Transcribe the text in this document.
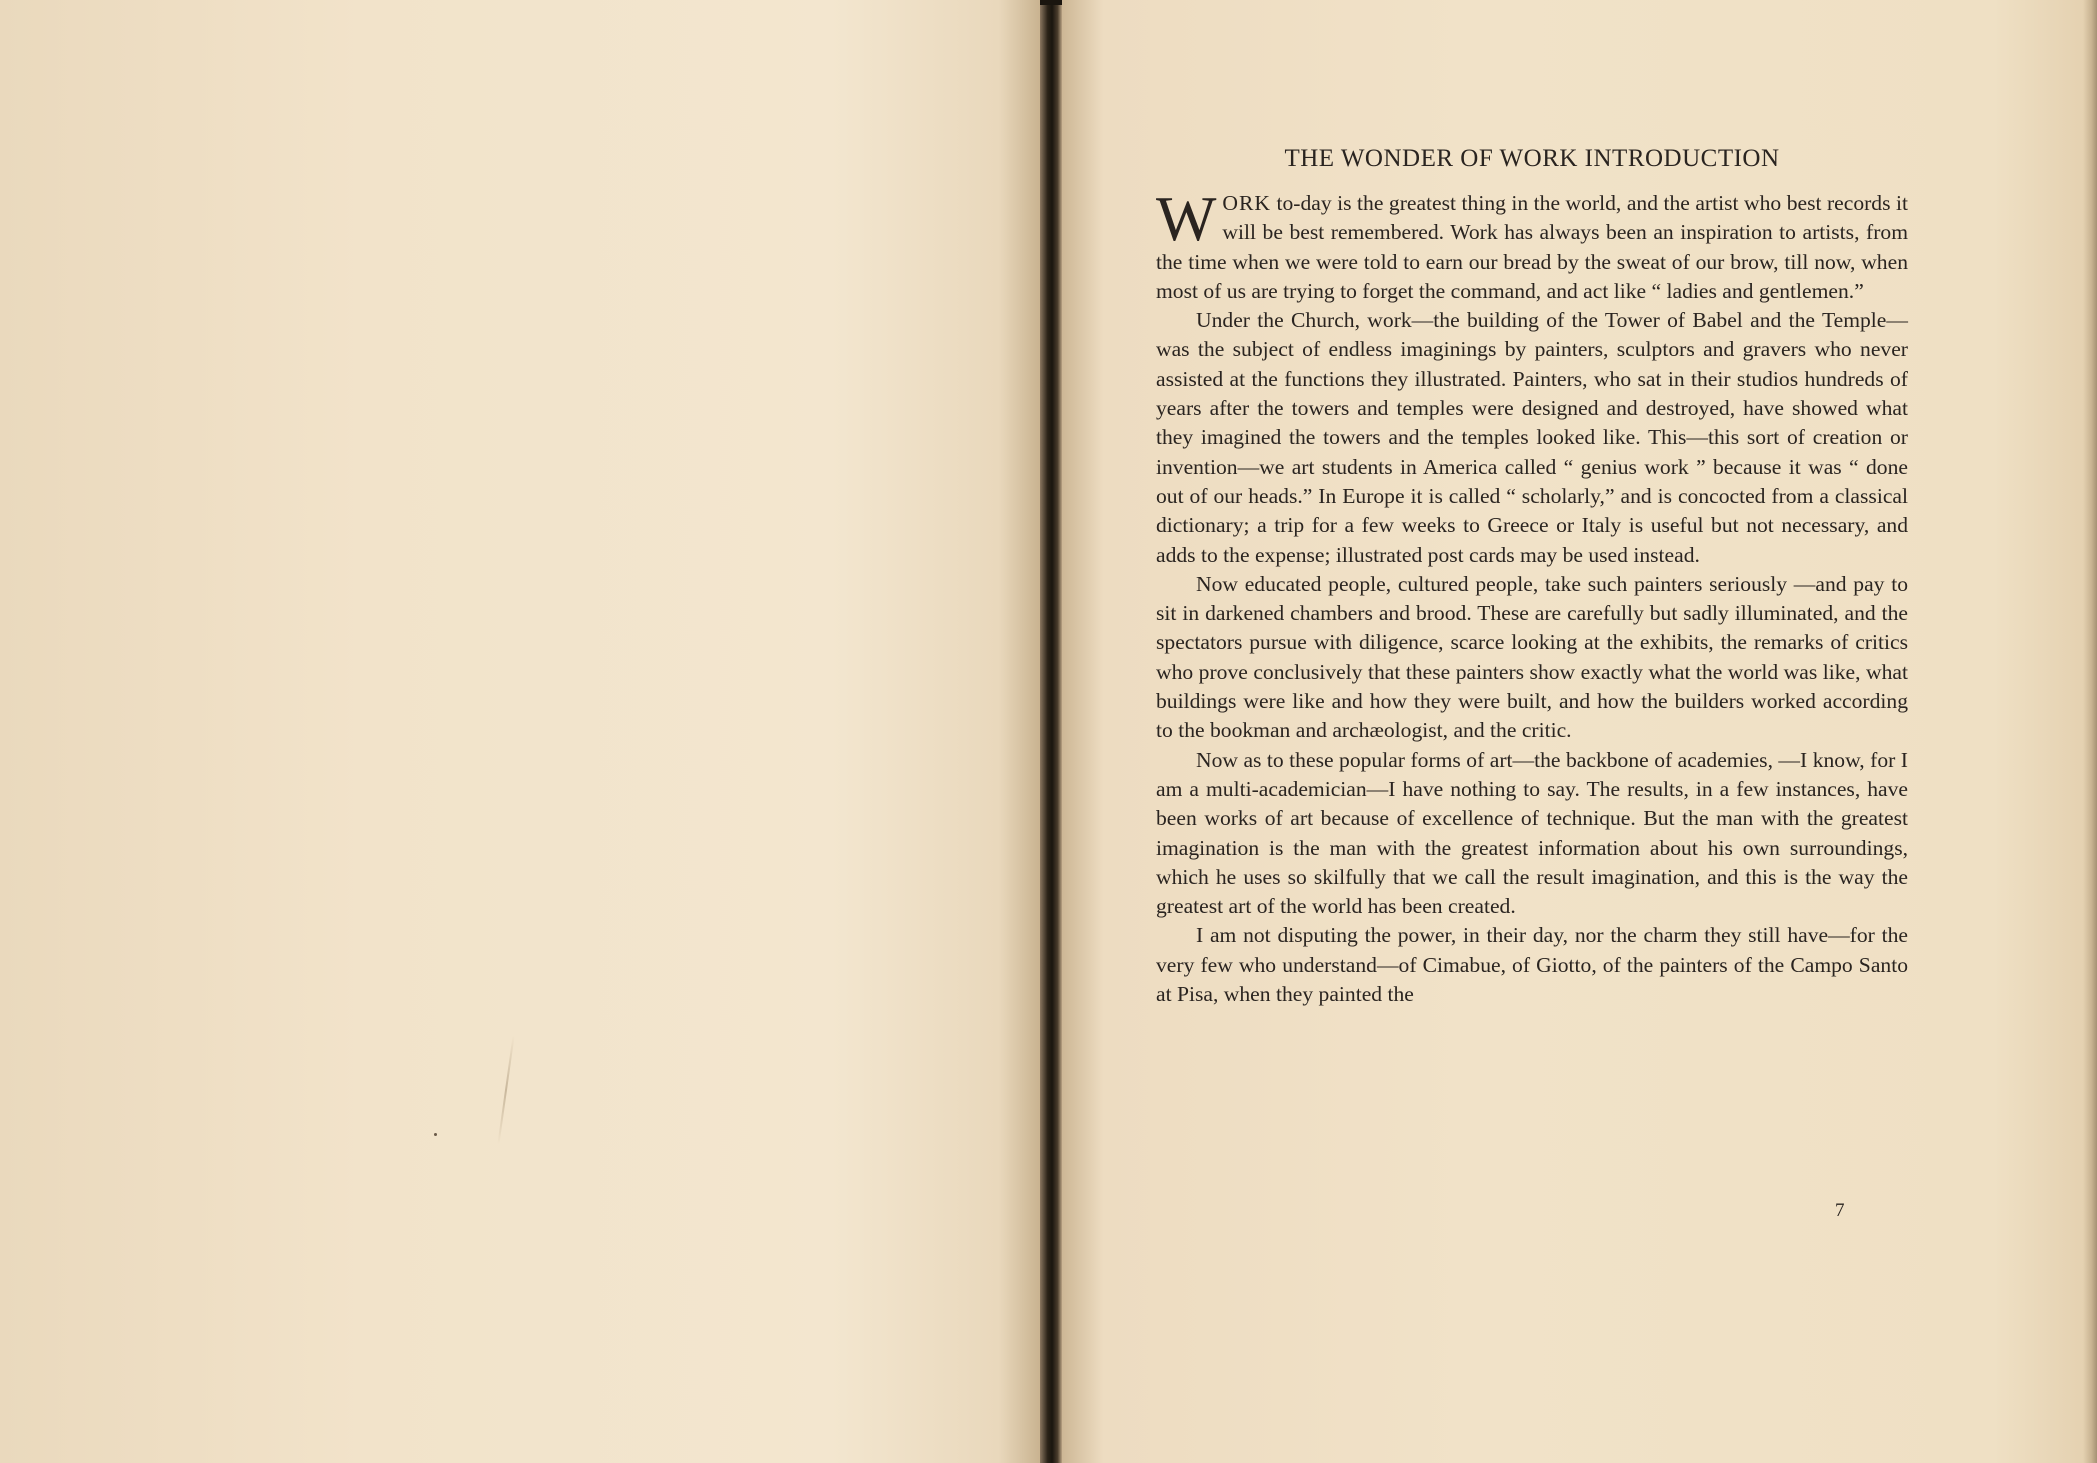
THE WONDER OF WORK INTRODUCTION

WORK to-day is the greatest thing in the world, and the artist who best records it will be best remembered. Work has always been an inspiration to artists, from the time when we were told to earn our bread by the sweat of our brow, till now, when most of us are trying to forget the command, and act like “ ladies and gentlemen.”

Under the Church, work—the building of the Tower of Babel and the Temple—was the subject of endless imaginings by painters, sculptors and gravers who never assisted at the functions they illustrated. Painters, who sat in their studios hundreds of years after the towers and temples were designed and destroyed, have showed what they imagined the towers and the temples looked like. This—this sort of creation or invention—we art students in America called “ genius work ” because it was “ done out of our heads.” In Europe it is called “ scholarly,” and is concocted from a classical dictionary; a trip for a few weeks to Greece or Italy is useful but not necessary, and adds to the expense; illustrated post cards may be used instead.

Now educated people, cultured people, take such painters seriously —and pay to sit in darkened chambers and brood. These are carefully but sadly illuminated, and the spectators pursue with diligence, scarce looking at the exhibits, the remarks of critics who prove conclusively that these painters show exactly what the world was like, what buildings were like and how they were built, and how the builders worked according to the bookman and archæologist, and the critic.

Now as to these popular forms of art—the backbone of academies, —I know, for I am a multi-academician—I have nothing to say. The results, in a few instances, have been works of art because of excellence of technique. But the man with the greatest imagination is the man with the greatest information about his own surroundings, which he uses so skilfully that we call the result imagination, and this is the way the greatest art of the world has been created.

I am not disputing the power, in their day, nor the charm they still have—for the very few who understand—of Cimabue, of Giotto, of the painters of the Campo Santo at Pisa, when they painted the

7
